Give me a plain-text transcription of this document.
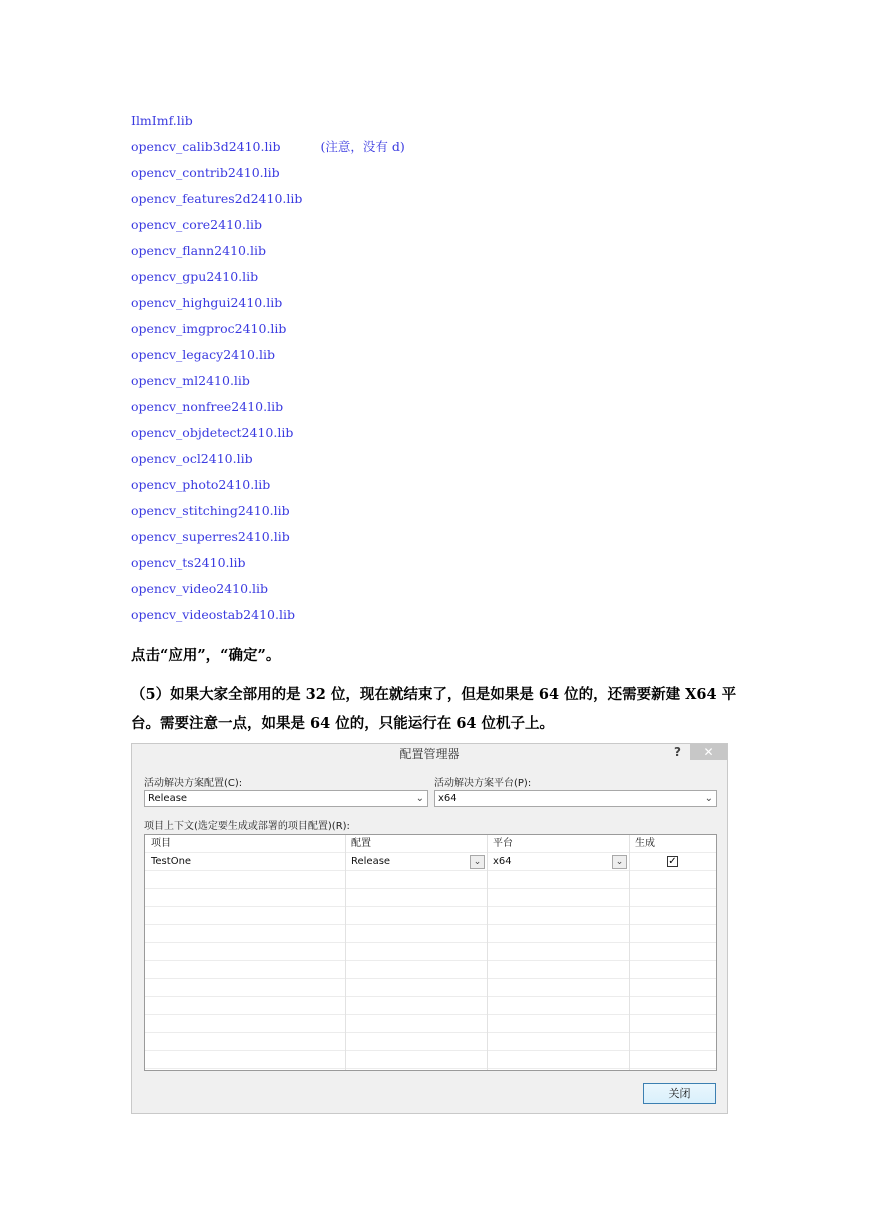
IlmImf.lib
opencv_calib3d2410.lib	(注意，没有 d)
opencv_contrib2410.lib
opencv_features2d2410.lib
opencv_core2410.lib
opencv_flann2410.lib
opencv_gpu2410.lib
opencv_highgui2410.lib
opencv_imgproc2410.lib
opencv_legacy2410.lib
opencv_ml2410.lib
opencv_nonfree2410.lib
opencv_objdetect2410.lib
opencv_ocl2410.lib
opencv_photo2410.lib
opencv_stitching2410.lib
opencv_superres2410.lib
opencv_ts2410.lib
opencv_video2410.lib
opencv_videostab2410.lib
点击“应用”，“确定”。
（5）如果大家全部用的是 32 位，现在就结束了，但是如果是 64 位的，还需要新建 X64 平台。需要注意一点，如果是 64 位的，只能运行在 64 位机子上。
配置管理器	?	✕
活动解决方案配置(C):
Release	⌄
活动解决方案平台(P):
x64	⌄
项目上下文(选定要生成或部署的项目配置)(R):
项目	配置	平台	生成
TestOne	Release	⌄	x64	⌄	✓
关闭
